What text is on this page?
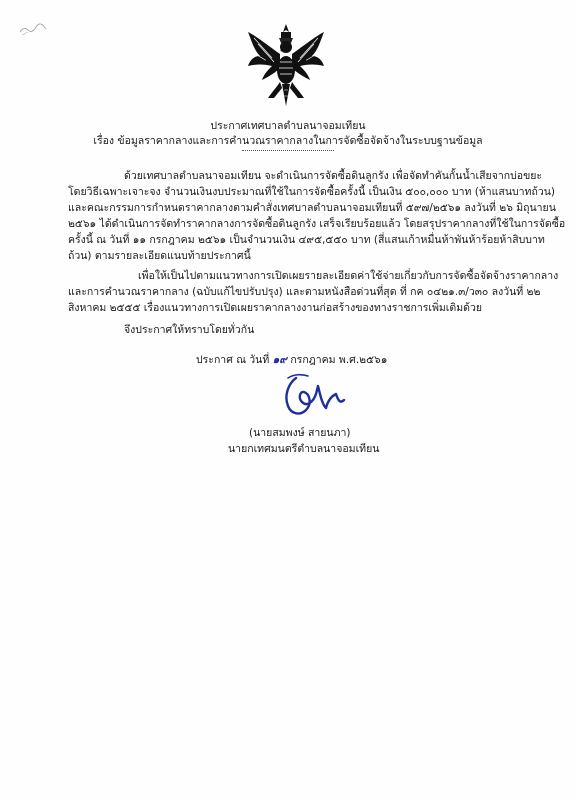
ประกาศเทศบาลตำบลนาจอมเทียน
เรื่อง ข้อมูลราคากลางและการคำนวณราคากลางในการจัดซื้อจัดจ้างในระบบฐานข้อมูล

ด้วยเทศบาลตำบลนาจอมเทียน จะดำเนินการจัดซื้อดินลูกรัง เพื่อจัดทำคันกั้นน้ำเสียจากบ่อขยะ

โดยวิธีเฉพาะเจาะจง จำนวนเงินงบประมาณที่ใช้ในการจัดซื้อครั้งนี้ เป็นเงิน ๕๐๐,๐๐๐ บาท (ห้าแสนบาทถ้วน)

และคณะกรรมการกำหนดราคากลางตามคำสั่งเทศบาลตำบลนาจอมเทียนที่ ๕๙๗/๒๕๖๑ ลงวันที่ ๒๖ มิถุนายน

๒๕๖๑ ได้ดำเนินการจัดทำราคากลางการจัดซื้อดินลูกรัง เสร็จเรียบร้อยแล้ว โดยสรุปราคากลางที่ใช้ในการจัดซื้อ

ครั้งนี้ ณ วันที่ ๑๑ กรกฎาคม ๒๕๖๑ เป็นจำนวนเงิน ๔๙๕,๕๕๐ บาท (สี่แสนเก้าหมื่นห้าพันห้าร้อยห้าสิบบาท

ถ้วน) ตามรายละเอียดแนบท้ายประกาศนี้

เพื่อให้เป็นไปตามแนวทางการเปิดเผยรายละเอียดค่าใช้จ่ายเกี่ยวกับการจัดซื้อจัดจ้างราคากลาง

และการคำนวณราคากลาง (ฉบับแก้ไขปรับปรุง) และตามหนังสือด่วนที่สุด ที่ กค ๐๔๒๑.๓/ว๓๐ ลงวันที่ ๒๒

สิงหาคม ๒๕๕๕ เรื่องแนวทางการเปิดเผยราคากลางงานก่อสร้างของทางราชการเพิ่มเติมด้วย

จึงประกาศให้ทราบโดยทั่วกัน

ประกาศ ณ วันที่ ๑๙ กรกฎาคม พ.ศ.๒๕๖๑
(นายสมพงษ์ สายนภา)
นายกเทศมนตรีตำบลนาจอมเทียน
